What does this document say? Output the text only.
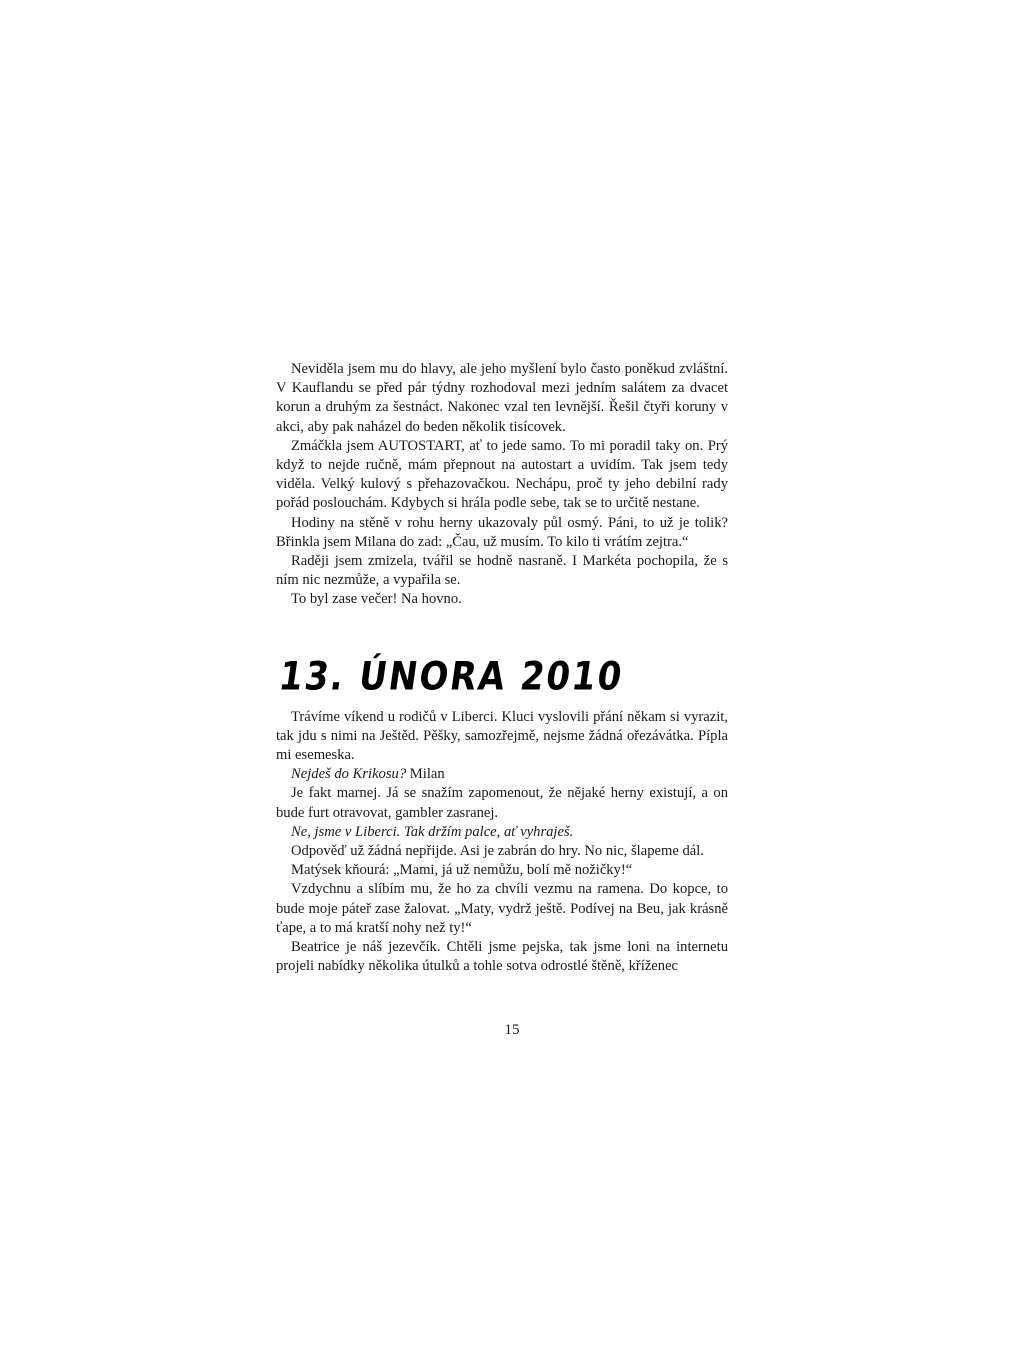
Neviděla jsem mu do hlavy, ale jeho myšlení bylo často poněkud zvláštní. V Kauflandu se před pár týdny rozhodoval mezi jedním salátem za dvacet korun a druhým za šestnáct. Nakonec vzal ten levnější. Řešil čtyři koruny v akci, aby pak naházel do beden několik tisícovek.

Zmáčkla jsem AUTOSTART, ať to jede samo. To mi poradil taky on. Prý když to nejde ručně, mám přepnout na autostart a uvidím. Tak jsem tedy viděla. Velký kulový s přehazovačkou. Nechápu, proč ty jeho debilní rady pořád poslouchám. Kdybych si hrála podle sebe, tak se to určitě nestane.

Hodiny na stěně v rohu herny ukazovaly půl osmý. Páni, to už je tolik? Břinkla jsem Milana do zad: „Čau, už musím. To kilo ti vrátím zejtra.“

Raději jsem zmizela, tvářil se hodně nasraně. I Markéta pochopila, že s ním nic nezmůže, a vypařila se.

To byl zase večer! Na hovno.

13. ÚNORA 2010

Trávíme víkend u rodičů v Liberci. Kluci vyslovili přání někam si vyrazit, tak jdu s nimi na Ještěd. Pěšky, samozřejmě, nejsme žádná ořezávátka. Pípla mi esemeska.

Nejdeš do Krikosu? Milan

Je fakt marnej. Já se snažím zapomenout, že nějaké herny existují, a on bude furt otravovat, gambler zasranej.

Ne, jsme v Liberci. Tak držím palce, ať vyhraješ.

Odpověď už žádná nepřijde. Asi je zabrán do hry. No nic, šlapeme dál.

Matýsek kňourá: „Mami, já už nemůžu, bolí mě nožičky!“

Vzdychnu a slíbím mu, že ho za chvíli vezmu na ramena. Do kopce, to bude moje páteř zase žalovat. „Maty, vydrž ještě. Podívej na Beu, jak krásně ťape, a to má kratší nohy než ty!“

Beatrice je náš jezevčík. Chtěli jsme pejska, tak jsme loni na internetu projeli nabídky několika útulků a tohle sotva odrostlé štěně, kříženec

15
